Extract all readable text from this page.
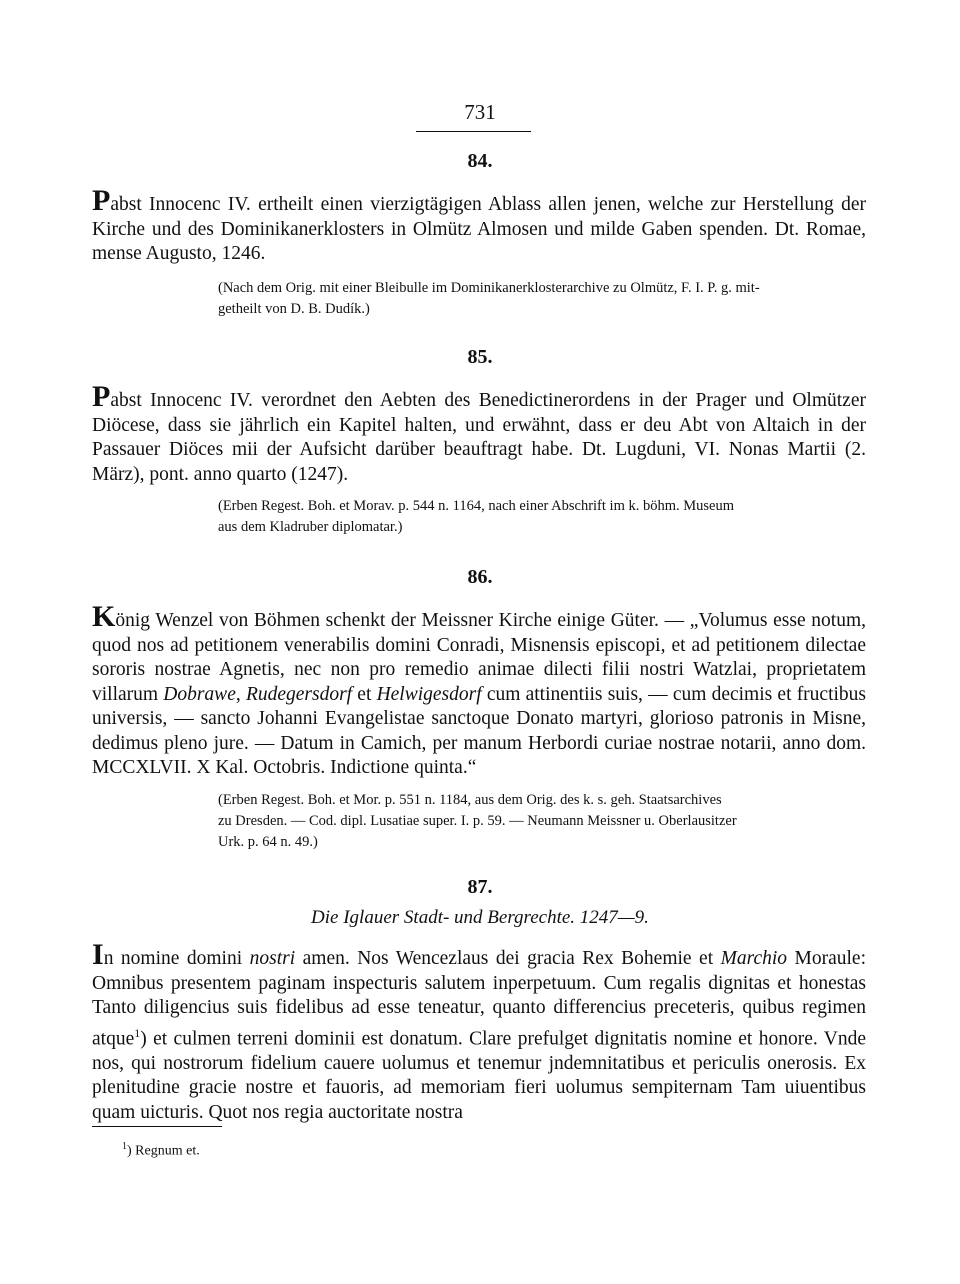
731
84.

Pabst Innocenc IV. ertheilt einen vierzigtägigen Ablass allen jenen, welche zur Herstellung der Kirche und des Dominikanerklosters in Olmütz Almosen und milde Gaben spenden. Dt. Romae, mense Augusto, 1246.

(Nach dem Orig. mit einer Bleibulle im Dominikanerklosterarchive zu Olmütz, F. I. P. g. mit-
getheilt von D. B. Dudík.)
85.

Pabst Innocenc IV. verordnet den Aebten des Benedictinerordens in der Prager und Olmützer Diöcese, dass sie jährlich ein Kapitel halten, und erwähnt, dass er deu Abt von Altaich in der Passauer Diöces mii der Aufsicht darüber beauftragt habe. Dt. Lugduni, VI. Nonas Martii (2. März), pont. anno quarto (1247).

(Erben Regest. Boh. et Morav. p. 544 n. 1164, nach einer Abschrift im k. böhm. Museum
aus dem Kladruber diplomatar.)
86.

König Wenzel von Böhmen schenkt der Meissner Kirche einige Güter. — „Volumus esse notum, quod nos ad petitionem venerabilis domini Conradi, Misnensis episcopi, et ad petitionem dilectae sororis nostrae Agnetis, nec non pro remedio animae dilecti filii nostri Watzlai, proprietatem villarum Dobrawe, Rudegersdorf et Helwigesdorf cum attinentiis suis, — cum decimis et fructibus universis, — sancto Johanni Evangelistae sanctoque Donato martyri, glorioso patronis in Misne, dedimus pleno jure. — Datum in Camich, per manum Herbordi curiae nostrae notarii, anno dom. MCCXLVII. X Kal. Octobris. Indictione quinta.“

(Erben Regest. Boh. et Mor. p. 551 n. 1184, aus dem Orig. des k. s. geh. Staatsarchives
zu Dresden. — Cod. dipl. Lusatiae super. I. p. 59. — Neumann Meissner u. Oberlausitzer
Urk. p. 64 n. 49.)
87.
Die Iglauer Stadt- und Bergrechte. 1247—9.

In nomine domini nostri amen. Nos Wencezlaus dei gracia Rex Bohemie et Marchio Moraule: Omnibus presentem paginam inspecturis salutem inperpetuum. Cum regalis dignitas et honestas Tanto diligencius suis fidelibus ad esse teneatur, quanto differencius preceteris, quibus regimen atque$^1$) et culmen terreni dominii est donatum. Clare prefulget dignitatis nomine et honore. Vnde nos, qui nostrorum fidelium cauere uolumus et tenemur jndemnitatibus et periculis onerosis. Ex plenitudine gracie nostre et fauoris, ad memoriam fieri uolumus sempiternam Tam uiuentibus quam uicturis. Quot nos regia auctoritate nostra

$^1$) Regnum et.
